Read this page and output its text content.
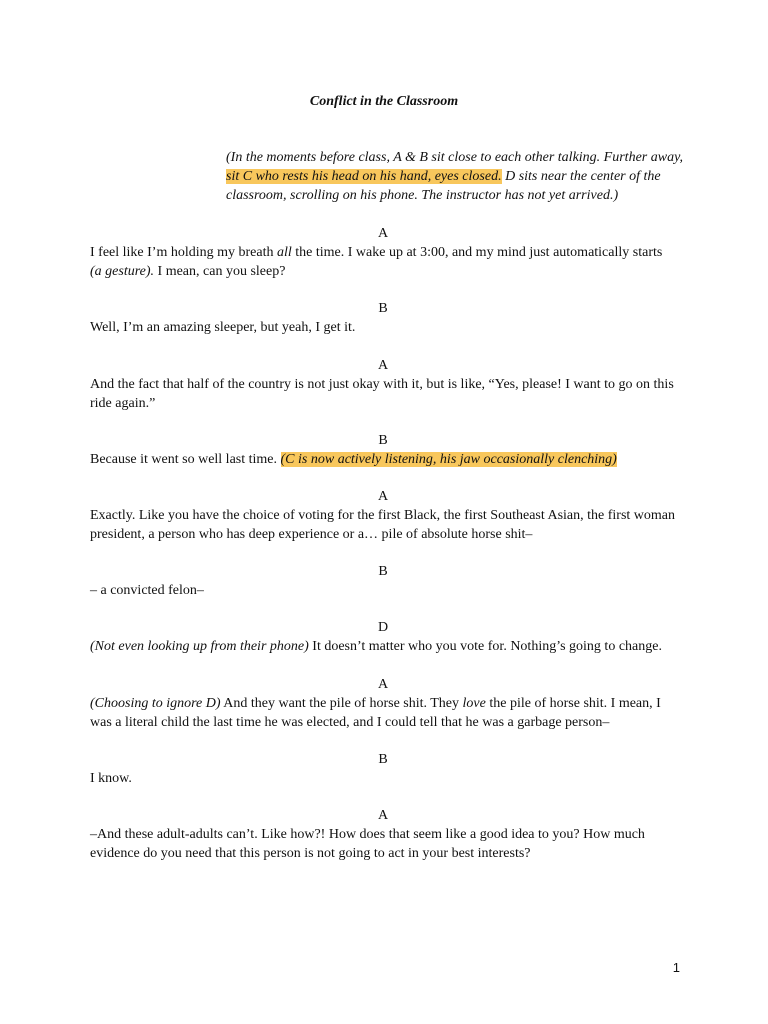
Conflict in the Classroom
(In the moments before class, A & B sit close to each other talking. Further away, sit C who rests his head on his hand, eyes closed. D sits near the center of the classroom, scrolling on his phone. The instructor has not yet arrived.)
A
I feel like I’m holding my breath all the time. I wake up at 3:00, and my mind just automatically starts (a gesture). I mean, can you sleep?
B
Well, I’m an amazing sleeper, but yeah, I get it.
A
And the fact that half of the country is not just okay with it, but is like, “Yes, please! I want to go on this ride again.”
B
Because it went so well last time. (C is now actively listening, his jaw occasionally clenching)
A
Exactly. Like you have the choice of voting for the first Black, the first Southeast Asian, the first woman president, a person who has deep experience or a… pile of absolute horse shit–
B
– a convicted felon–
D
(Not even looking up from their phone) It doesn’t matter who you vote for. Nothing’s going to change.
A
(Choosing to ignore D) And they want the pile of horse shit. They love the pile of horse shit. I mean, I was a literal child the last time he was elected, and I could tell that he was a garbage person–
B
I know.
A
–And these adult-adults can’t. Like how?! How does that seem like a good idea to you? How much evidence do you need that this person is not going to act in your best interests?
1
